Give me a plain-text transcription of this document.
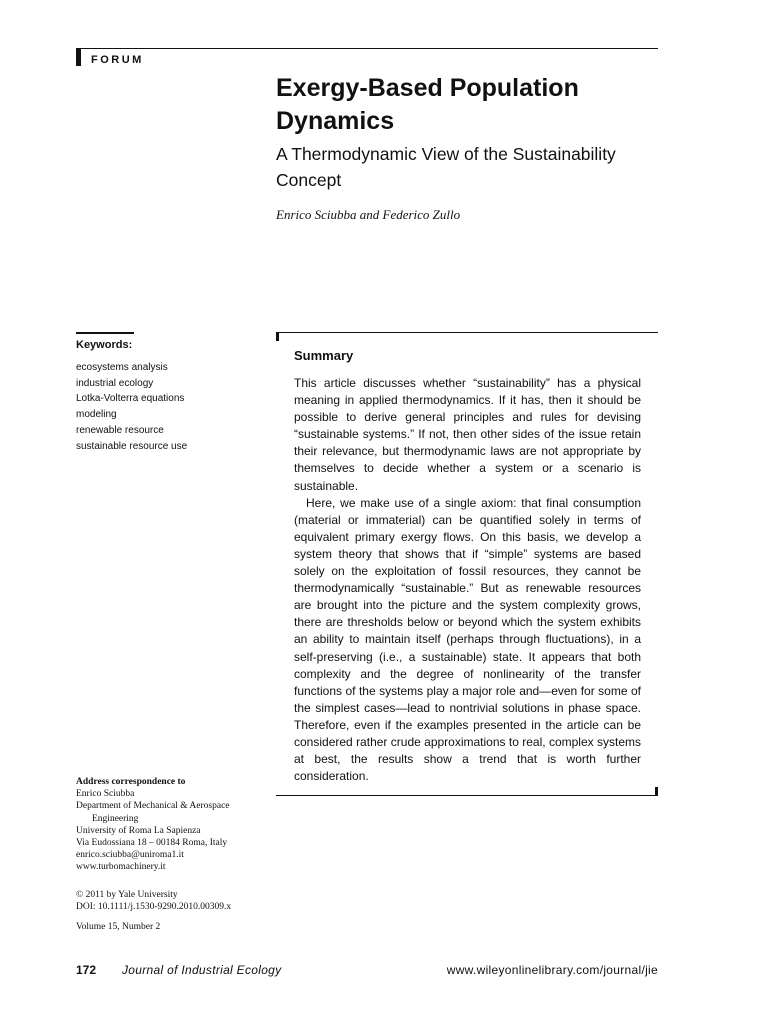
FORUM
Exergy-Based Population Dynamics
A Thermodynamic View of the Sustainability Concept
Enrico Sciubba and Federico Zullo
Keywords:
ecosystems analysis
industrial ecology
Lotka-Volterra equations
modeling
renewable resource
sustainable resource use
Summary

This article discusses whether “sustainability” has a physical meaning in applied thermodynamics. If it has, then it should be possible to derive general principles and rules for devising “sustainable systems.” If not, then other sides of the issue retain their relevance, but thermodynamic laws are not appropriate by themselves to decide whether a system or a scenario is sustainable.

Here, we make use of a single axiom: that final consumption (material or immaterial) can be quantified solely in terms of equivalent primary exergy flows. On this basis, we develop a system theory that shows that if “simple” systems are based solely on the exploitation of fossil resources, they cannot be thermodynamically “sustainable.” But as renewable resources are brought into the picture and the system complexity grows, there are thresholds below or beyond which the system exhibits an ability to maintain itself (perhaps through fluctuations), in a self-preserving (i.e., a sustainable) state. It appears that both complexity and the degree of nonlinearity of the transfer functions of the systems play a major role and—even for some of the simplest cases—lead to nontrivial solutions in phase space. Therefore, even if the examples presented in the article can be considered rather crude approximations to real, complex systems at best, the results show a trend that is worth further consideration.

Address correspondence to
Enrico Sciubba
Department of Mechanical & Aerospace
Engineering
University of Roma La Sapienza
Via Eudossiana 18 – 00184 Roma, Italy
enrico.sciubba@uniroma1.it
www.turbomachinery.it
© 2011 by Yale University
DOI: 10.1111/j.1530-9290.2010.00309.x
Volume 15, Number 2
172 Journal of Industrial Ecology	www.wileyonlinelibrary.com/journal/jie
